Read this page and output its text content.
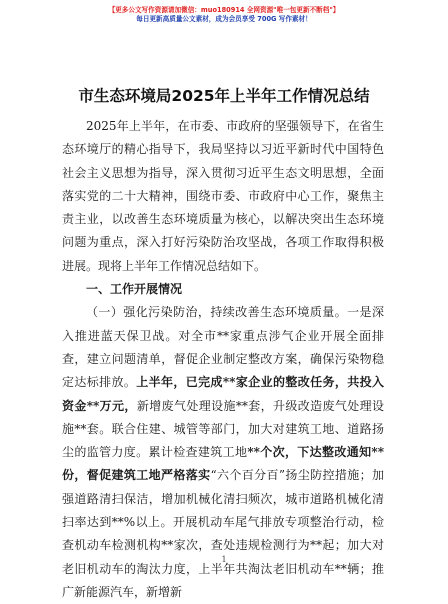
【更多公文写作资源请加微信：muo180914 全网资源"唯一包更新不断档"】
每日更新高质量公文素材，成为会员享受 700G 写作素材！
市生态环境局2025年上半年工作情况总结

2025年上半年，在市委、市政府的坚强领导下，在省生态环境厅的精心指导下，我局坚持以习近平新时代中国特色社会主义思想为指导，深入贯彻习近平生态文明思想，全面落实党的二十大精神，围绕市委、市政府中心工作，聚焦主责主业，以改善生态环境质量为核心，以解决突出生态环境问题为重点，深入打好污染防治攻坚战，各项工作取得积极进展。现将上半年工作情况总结如下。

一、工作开展情况

（一）强化污染防治，持续改善生态环境质量。一是深入推进蓝天保卫战。对全市**家重点涉气企业开展全面排查，建立问题清单，督促企业制定整改方案，确保污染物稳定达标排放。上半年，已完成**家企业的整改任务，共投入资金**万元，新增废气处理设施**套，升级改造废气处理设施**套。联合住建、城管等部门，加大对建筑工地、道路扬尘的监管力度。累计检查建筑工地**个次，下达整改通知**份，督促建筑工地严格落实“六个百分百”扬尘防控措施；加强道路清扫保洁，增加机械化清扫频次，城市道路机械化清扫率达到**%以上。开展机动车尾气排放专项整治行动，检查机动车检测机构**家次，查处违规检测行为**起；加大对老旧机动车的淘汰力度，上半年共淘汰老旧机动车**辆；推广新能源汽车，新增新

1
